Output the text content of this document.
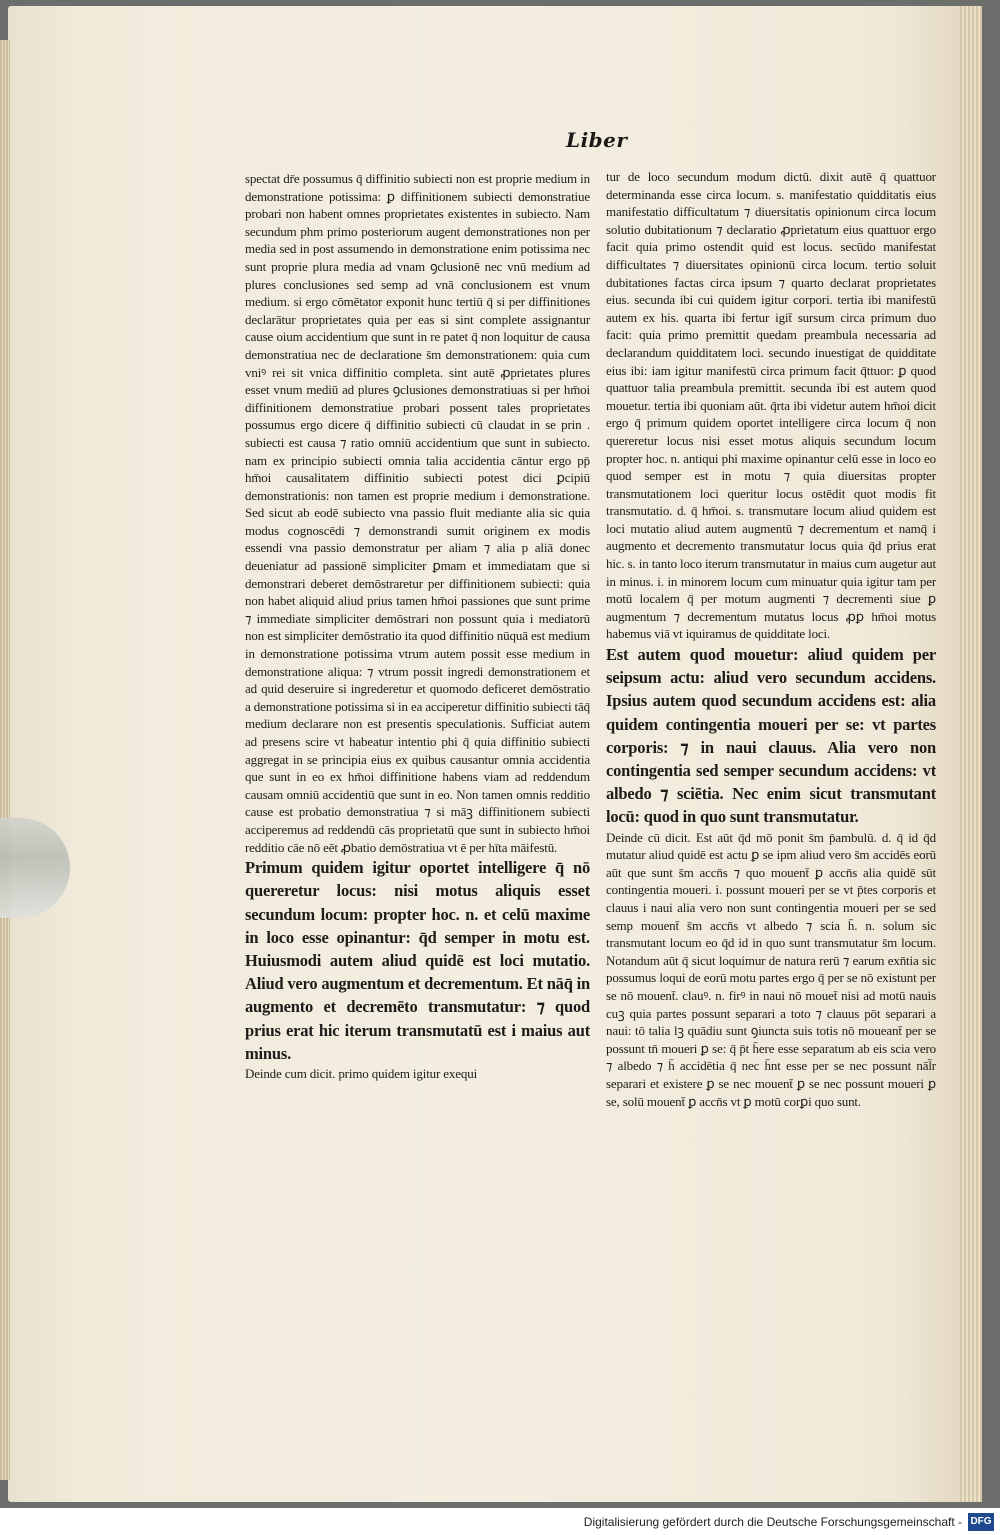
Liber

spectat dr̄e possumus q̄ diffinitio subiecti non est proprie medium in demonstratione potissima: ꝑ diffinitionem subiecti demonstratiue probari non habent omnes proprietates existentes in subiecto. Nam secundum phm primo posteriorum augent demonstrationes non per media sed in post assumendo in demonstratione enim potissima nec sunt proprie plura media ad vnam ꝯclusionē nec vnū medium ad plures conclusiones sed semp ad vnā conclusionem est vnum medium. si ergo cōmētator exponit hunc tertiū q̄ si per diffinitiones declarātur proprietates quia per eas si sint complete assignantur cause oium accidentium que sunt in re patet q̄ non loquitur de causa demonstratiua nec de declaratione s̄m demonstrationem: quia cum vniꝰ rei sit vnica diffinitio completa. sint autē ꝓprietates plures esset vnum mediū ad plures ꝯclusiones demonstratiuas si per hm̄oi diffinitionem demonstratiue probari possent tales proprietates possumus ergo dicere q̄ diffinitio subiecti cū claudat in se prin . subiecti est causa ⁊ ratio omniū accidentium que sunt in subiecto. nam ex principio subiecti omnia talia accidentia cāntur ergo pp̄ hm̄oi causalitatem diffinitio subiecti potest dici ꝑcipiū demonstrationis: non tamen est proprie medium i demonstratione. Sed sicut ab eodē subiecto vna passio fluit mediante alia sic quia modus cognoscēdi ⁊ demonstrandi sumit originem ex modis essendi vna passio demonstratur per aliam ⁊ alia p aliā donec deueniatur ad passionē simpliciter ꝑmam et immediatam que si demonstrari deberet demōstraretur per diffinitionem subiecti: quia non habet aliquid aliud prius tamen hm̄oi passiones que sunt prime ⁊ immediate simpliciter demōstrari non possunt quia i mediatorū non est simpliciter demōstratio ita quod diffinitio nūquā est medium in demonstratione potissima vtrum autem possit esse medium in demonstratione aliqua: ⁊ vtrum possit ingredi demonstrationem et ad quid deseruire si ingrederetur et quomodo deficeret demōstratio a demonstratione potissima si in ea acciperetur diffinitio subiecti tāq̄ medium declarare non est presentis speculationis. Sufficiat autem ad presens scire vt habeatur intentio phi q̄ quia diffinitio subiecti aggregat in se principia eius ex quibus causantur omnia accidentia que sunt in eo ex hm̄oi diffinitione habens viam ad reddendum causam omniū accidentiū que sunt in eo. Non tamen omnis redditio cause est probatio demonstratiua ⁊ si māꝫ diffinitionem subiecti acciperemus ad reddendū cās proprietatū que sunt in subiecto hm̄oi redditio cāe nō eēt ꝓbatio demōstratiua vt ē per hīta māifestū.

Primum quidem igitur oportet intelligere q̄ nō quereretur locus: nisi motus aliquis esset secundum locum: propter hoc. n. et celū maxime in loco esse opinantur: q̄d semper in motu est. Huiusmodi autem aliud quidē est loci mutatio. Aliud vero augmentum et decrementum. Et nāq̄ in augmento et decremēto transmutatur: ⁊ quod prius erat hic iterum transmutatū est i maius aut minus.

Deinde cum dicit. primo quidem igitur exequi

tur de loco secundum modum dictū. dixit autē q̄ quattuor determinanda esse circa locum. s. manifestatio quidditatis eius manifestatio difficultatum ⁊ diuersitatis opinionum circa locum solutio dubitationum ⁊ declaratio ꝓprietatum eius quattuor ergo facit quia primo ostendit quid est locus. secūdo manifestat difficultates ⁊ diuersitates opinionū circa locum. tertio soluit dubitationes factas circa ipsum ⁊ quarto declarat proprietates eius. secunda ibi cui quidem igitur corpori. tertia ibi manifestū autem ex his. quarta ibi fertur igit̄ sursum circa primum duo facit: quia primo premittit quedam preambula necessaria ad declarandum quidditatem loci. secundo inuestigat de quidditate eius ibi: iam igitur manifestū circa primum facit q̄ttuor: ꝑ quod quattuor talia preambula premittit. secunda ibi est autem quod mouetur. tertia ibi quoniam aūt. q̄rta ibi videtur autem hm̄oi dicit ergo q̄ primum quidem oportet intelligere circa locum q̄ non quereretur locus nisi esset motus aliquis secundum locum propter hoc. n. antiqui phi maxime opinantur celū esse in loco eo quod semper est in motu ⁊ quia diuersitas propter transmutationem loci queritur locus ostēdit quot modis fit transmutatio. d. q̄ hm̄oi. s. transmutare locum aliud quidem est loci mutatio aliud autem augmentū ⁊ decrementum et namq̄ i augmento et decremento transmutatur locus quia q̄d prius erat hic. s. in tanto loco iterum transmutatur in maius cum augetur aut in minus. i. in minorem locum cum minuatur quia igitur tam per motū localem q̄ per motum augmenti ⁊ decrementi siue ꝑ augmentum ⁊ decrementum mutatus locus ꝓꝑ hm̄oi motus habemus viā vt iquiramus de quidditate loci.

Est autem quod mouetur: aliud quidem per seipsum actu: aliud vero secundum accidens. Ipsius autem quod secundum accidens est: alia quidem contingentia moueri per se: vt partes corporis: ⁊ in naui clauus. Alia vero non contingentia sed semper secundum accidens: vt albedo ⁊ sciētia. Nec enim sicut transmutant locū: quod in quo sunt transmutatur.

Deinde cū dicit. Est aūt q̄d mō ponit s̄m p̄ambulū. d. q̄ id q̄d mutatur aliud quidē est actu ꝑ se ipm aliud vero s̄m accidēs eorū aūt que sunt s̄m accn̄s ⁊ quo mouent̄ ꝑ accn̄s alia quidē sūt contingentia moueri. i. possunt moueri per se vt p̄tes corporis et clauus i naui alia vero non sunt contingentia moueri per se sed semp mouent̄ s̄m accn̄s vt albedo ⁊ scia h̄. n. solum sic transmutant locum eo q̄d id in quo sunt transmutatur s̄m locum. Notandum aūt q̄ sicut loquimur de natura rerū ⁊ earum exn̄tia sic possumus loqui de eorū motu partes ergo q̄ per se nō existunt per se nō mouent̄. clauꝰ. n. firꝰ in naui nō mouet̄ nisi ad motū nauis cuꝫ quia partes possunt separari a toto ⁊ clauus pōt separari a naui: tō talia lꝫ quādiu sunt ꝯiuncta suis totis nō moueant̄ per se possunt tn̄ moueri ꝑ se: q̄ p̄t h̄ere esse separatum ab eis scia vero ⁊ albedo ⁊ h̄ accidētia q̄ nec h̄nt esse per se nec possunt nāl̄r separari et existere ꝑ se nec mouent̄ ꝑ se nec possunt moueri ꝑ se, solū mouent̄ ꝑ accn̄s vt ꝑ motū corꝑi quo sunt.

Digitalisierung gefördert durch die Deutsche Forschungsgemeinschaft - DFG
